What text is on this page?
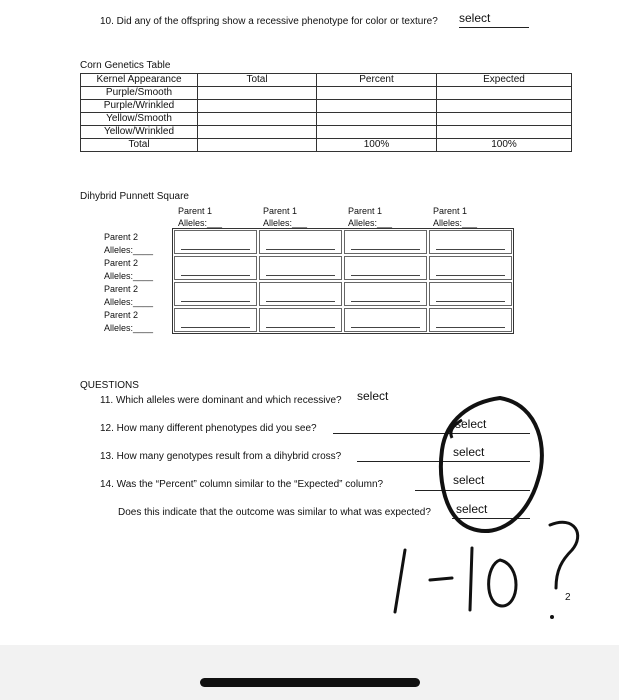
10. Did any of the offspring show a recessive phenotype for color or texture? select
Corn Genetics Table
Kernel Appearance	Total	Percent	Expected
Purple/Smooth			
Purple/Wrinkled			
Yellow/Smooth			
Yellow/Wrinkled			
Total		100%	100%
Dihybrid Punnett Square
Parent 1
Alleles:___
Parent 1
Alleles:___
Parent 1
Alleles:___
Parent 1
Alleles:___
Parent 2
Alleles:____
Parent 2
Alleles:____
Parent 2
Alleles:____
Parent 2
Alleles:____
QUESTIONS
11. Which alleles were dominant and which recessive? select
12. How many different phenotypes did you see?	select
13. How many genotypes result from a dihybrid cross?	select
14. Was the “Percent” column similar to the “Expected” column?	select
Does this indicate that the outcome was similar to what was expected? select
2
